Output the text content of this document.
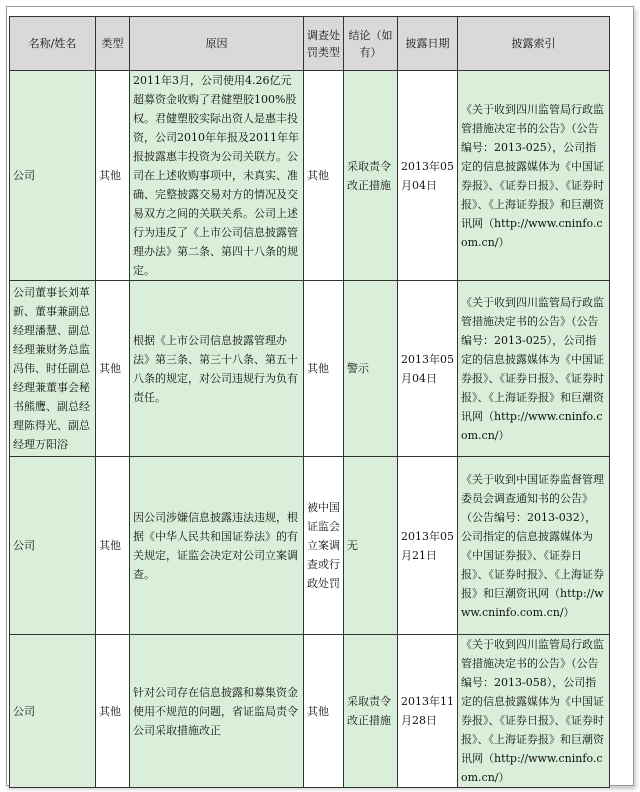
名称/姓名	类型	原因	调查处罚类型	结论（如有）	披露日期	披露索引
公司	其他	2011年3月，公司使用4.26亿元超募资金收购了君健塑胶100%股权。君健塑胶实际出资人是惠丰投资，公司2010年年报及2011年年报披露惠丰投资为公司关联方。公司在上述收购事项中，未真实、准确、完整披露交易对方的情况及交易双方之间的关联关系。公司上述行为违反了《上市公司信息披露管理办法》第二条、第四十八条的规定。	其他	采取责令改正措施	2013年05月04日	《关于收到四川监管局行政监管措施决定书的公告》（公告编号：2013-025），公司指定的信息披露媒体为《中国证券报》、《证券日报》、《证券时报》、《上海证券报》和巨潮资讯网（http://www.cninfo.com.cn/）
公司董事长刘革新、董事兼副总经理潘慧、副总经理兼财务总监冯伟、时任副总经理兼董事会秘书熊鹰、副总经理陈得光、副总经理万阳浴	其他	根据《上市公司信息披露管理办法》第三条、第三十八条、第五十八条的规定，对公司违规行为负有责任。	其他	警示	2013年05月04日	《关于收到四川监管局行政监管措施决定书的公告》（公告编号：2013-025），公司指定的信息披露媒体为《中国证券报》、《证券日报》、《证券时报》、《上海证券报》和巨潮资讯网（http://www.cninfo.com.cn/）
公司	其他	因公司涉嫌信息披露违法违规，根据《中华人民共和国证券法》的有关规定，证监会决定对公司立案调查。	被中国证监会立案调查或行政处罚	无	2013年05月21日	《关于收到中国证券监督管理委员会调查通知书的公告》（公告编号：2013-032），公司指定的信息披露媒体为《中国证券报》、《证券日报》、《证券时报》、《上海证券报》和巨潮资讯网（http://www.cninfo.com.cn/）
公司	其他	针对公司存在信息披露和募集资金使用不规范的问题，省证监局责令公司采取措施改正	其他	采取责令改正措施	2013年11月28日	《关于收到四川监管局行政监管措施决定书的公告》（公告编号：2013-058），公司指定的信息披露媒体为《中国证券报》、《证券日报》、《证券时报》、《上海证券报》和巨潮资讯网（http://www.cninfo.com.cn/）
